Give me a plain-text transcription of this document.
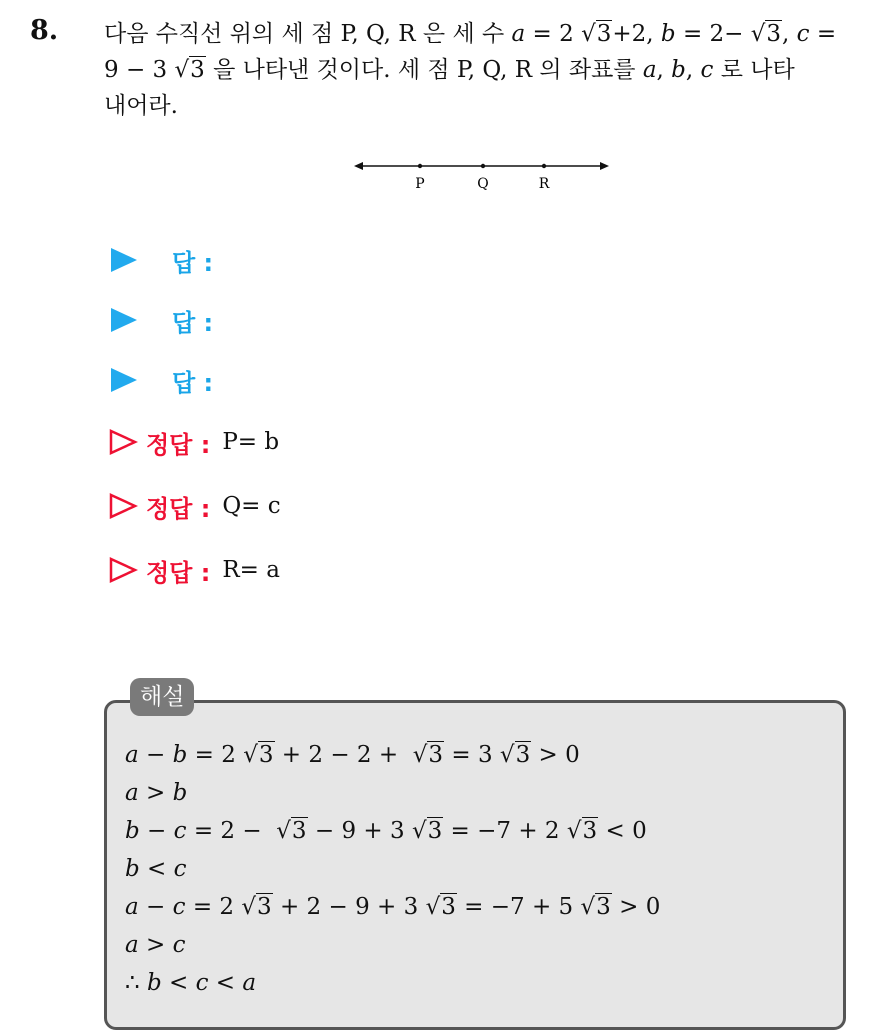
8. 다음 수직선 위의 세 점 P, Q, R 은 세 수 a = 2 √3+2, b = 2− √3, c =
9 − 3 √3 을 나타낸 것이다. 세 점 P, Q, R 의 좌표를 a, b, c 로 나타
내어라.
P	Q	R
답 :
답 :
답 :
정답 : P= b
정답 : Q= c
정답 : R= a
해설
a − b = 2 √3 + 2 − 2 +  √3 = 3 √3 > 0
a > b
b − c = 2 −  √3 − 9 + 3 √3 = −7 + 2 √3 < 0
b < c
a − c = 2 √3 + 2 − 9 + 3 √3 = −7 + 5 √3 > 0
a > c
∴ b < c < a
